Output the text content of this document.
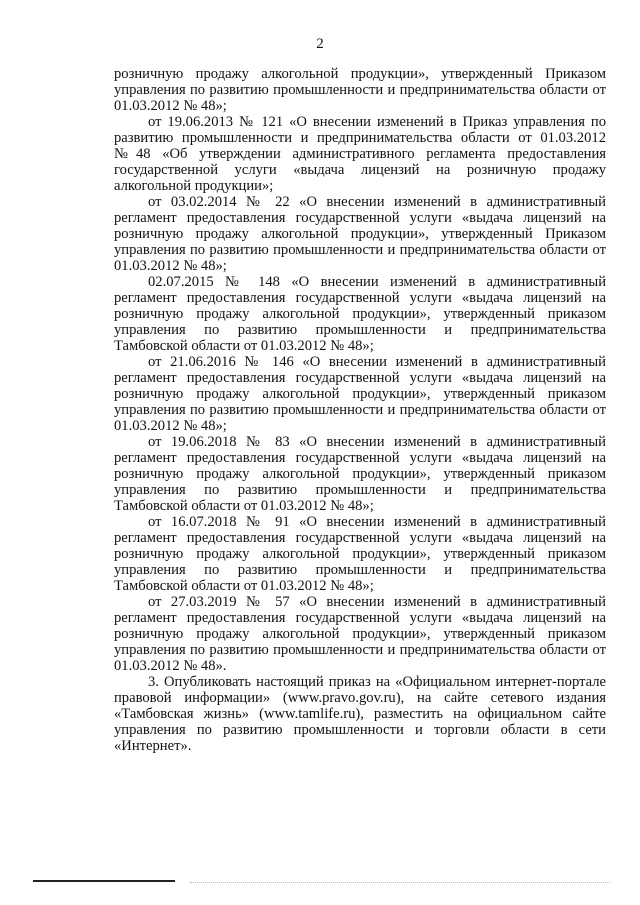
2

розничную продажу алкогольной продукции», утвержденный Приказом управления по развитию промышленности и предпринимательства области от 01.03.2012 № 48»;

от 19.06.2013 № 121 «О внесении изменений в Приказ управления по развитию промышленности и предпринимательства области от 01.03.2012 №48 «Об утверждении административного регламента предоставления государственной услуги «выдача лицензий на розничную продажу алкогольной продукции»;

от 03.02.2014 № 22 «О внесении изменений в административный регламент предоставления государственной услуги «выдача лицензий на розничную продажу алкогольной продукции», утвержденный Приказом управления по развитию промышленности и предпринимательства области от 01.03.2012 № 48»;

02.07.2015 № 148 «О внесении изменений в административный регламент предоставления государственной услуги «выдача лицензий на розничную продажу алкогольной продукции», утвержденный приказом управления по развитию промышленности и предпринимательства Тамбовской области от 01.03.2012 № 48»;

от 21.06.2016 № 146 «О внесении изменений в административный регламент предоставления государственной услуги «выдача лицензий на розничную продажу алкогольной продукции», утвержденный приказом управления по развитию промышленности и предпринимательства области от 01.03.2012 № 48»;

от 19.06.2018 № 83 «О внесении изменений в административный регламент предоставления государственной услуги «выдача лицензий на розничную продажу алкогольной продукции», утвержденный приказом управления по развитию промышленности и предпринимательства Тамбовской области от 01.03.2012 № 48»;

от 16.07.2018 № 91 «О внесении изменений в административный регламент предоставления государственной услуги «выдача лицензий на розничную продажу алкогольной продукции», утвержденный приказом управления по развитию промышленности и предпринимательства Тамбовской области от 01.03.2012 № 48»;

от 27.03.2019 № 57 «О внесении изменений в административный регламент предоставления государственной услуги «выдача лицензий на розничную продажу алкогольной продукции», утвержденный приказом управления по развитию промышленности и предпринимательства области от 01.03.2012 № 48».

3. Опубликовать настоящий приказ на «Официальном интернет-портале правовой информации» (www.pravo.gov.ru), на сайте сетевого издания «Тамбовская жизнь» (www.tamlife.ru), разместить на официальном сайте управления по развитию промышленности и торговли области в сети «Интернет».
